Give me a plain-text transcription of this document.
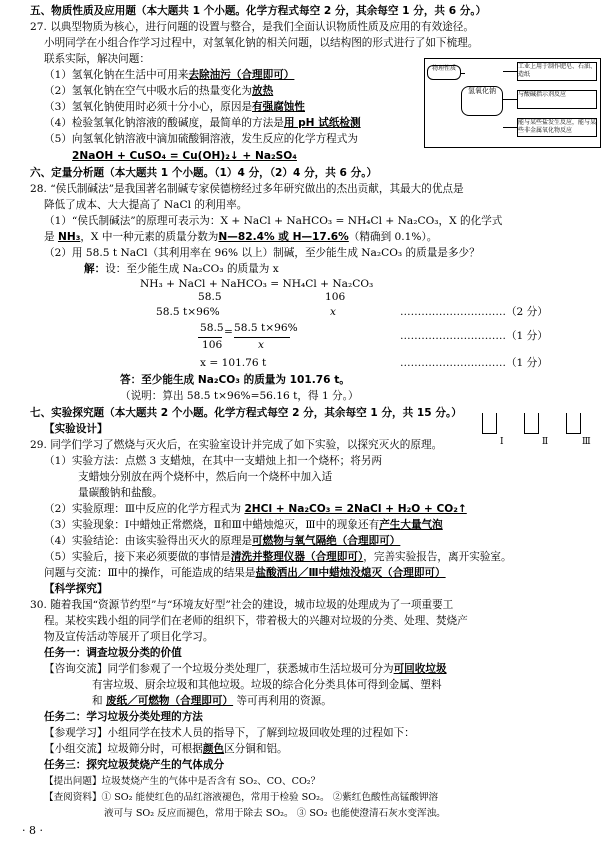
五、物质性质及应用题（本大题共 1 个小题。化学方程式每空 2 分，其余每空 1 分，共 6 分。）
27. 以典型物质为核心，进行问题的设置与整合，是我们全面认识物质性质及应用的有效途径。
小明同学在小组合作学习过程中，对氢氧化钠的相关问题，以结构图的形式进行了如下梳理。
联系实际，解决问题：
（1）氢氧化钠在生活中可用来去除油污（合理即可）
（2）氢氧化钠在空气中吸水后的热量变化为放热
（3）氢氧化钠使用时必须十分小心，原因是有强腐蚀性
（4）检验氢氧化钠溶液的酸碱度，最简单的方法是用 pH 试纸检测
（5）向氢氧化钠溶液中滴加硫酸铜溶液，发生反应的化学方程式为
2NaOH + CuSO₄ = Cu(OH)₂↓ + Na₂SO₄
物理性质
氢氧化钠
工业上用于制作肥皂、石油、造纸
与酸碱指示剂反应
能与某些盐发生反应，能与某些非金属氧化物反应
六、定量分析题（本大题共 1 个小题。（1）4 分，（2）4 分，共 6 分。）
28. “侯氏制碱法”是我国著名制碱专家侯德榜经过多年研究做出的杰出贡献，其最大的优点是
降低了成本、大大提高了 NaCl 的利用率。
（1）“侯氏制碱法”的原理可表示为：X + NaCl + NaHCO₃ = NH₄Cl + Na₂CO₃，X 的化学式
是 NH₃，X 中一种元素的质量分数为N—82.4% 或 H—17.6%（精确到 0.1%）。
（2）用 58.5 t NaCl（其利用率在 96% 以上）制碱，至少能生成 Na₂CO₃ 的质量是多少？
解：设：至少能生成 Na₂CO₃ 的质量为 x
NH₃ + NaCl + NaHCO₃ = NH₄Cl + Na₂CO₃
58.5	106
58.5 t×96%	x	…………………………（2 分）
58.5 58.5 t×96%
=
106	x
…………………………（1 分）
x = 101.76 t	…………………………（1 分）
答：至少能生成 Na₂CO₃ 的质量为 101.76 t。
（说明：算出 58.5 t×96%=56.16 t，得 1 分。）
七、实验探究题（本大题共 2 个小题。化学方程式每空 2 分，其余每空 1 分，共 15 分。）
【实验设计】
29. 同学们学习了燃烧与灭火后，在实验室设计并完成了如下实验，以探究灭火的原理。
（1）实验方法：点燃 3 支蜡烛，在其中一支蜡烛上扣一个烧杯；将另两
支蜡烛分别放在两个烧杯中，然后向一个烧杯中加入适
量碳酸钠和盐酸。
Ⅰ	Ⅱ	Ⅲ
（2）实验原理：Ⅲ中反应的化学方程式为 2HCl + Na₂CO₃ = 2NaCl + H₂O + CO₂↑
（3）实验现象：Ⅰ中蜡烛正常燃烧，Ⅱ和Ⅲ中蜡烛熄灭，Ⅲ中的现象还有产生大量气泡
（4）实验结论：由该实验得出灭火的原理是可燃物与氧气隔绝（合理即可）
（5）实验后，接下来必须要做的事情是清洗并整理仪器（合理即可），完善实验报告，离开实验室。
问题与交流：Ⅲ中的操作，可能造成的结果是盐酸洒出／Ⅲ中蜡烛没熄灭（合理即可）
【科学探究】
30. 随着我国“资源节约型”与“环境友好型”社会的建设，城市垃圾的处理成为了一项重要工
程。某校实践小组的同学们在老师的组织下，带着极大的兴趣对垃圾的分类、处理、焚烧产
物及宣传活动等展开了项目化学习。
任务一：调查垃圾分类的价值
【咨询交流】同学们参观了一个垃圾分类处理厂，获悉城市生活垃圾可分为可回收垃圾
有害垃圾、厨余垃圾和其他垃圾。垃圾的综合化分类具体可得到金属、塑料
和 废纸／可燃物（合理即可） 等可再利用的资源。
任务二：学习垃圾分类处理的方法
【参观学习】小组同学在技术人员的指导下，了解到垃圾回收处理的过程如下：
【小组交流】垃圾筛分时，可根据颜色区分铜和铝。
任务三：探究垃圾焚烧产生的气体成分
【提出问题】垃圾焚烧产生的气体中是否含有 SO₂、CO、CO₂？
【查阅资料】① SO₂ 能使红色的品红溶液褪色，常用于检验 SO₂。 ②紫红色酸性高锰酸钾溶
液可与 SO₂ 反应而褪色，常用于除去 SO₂。 ③ SO₂ 也能使澄清石灰水变浑浊。
· 8 ·
